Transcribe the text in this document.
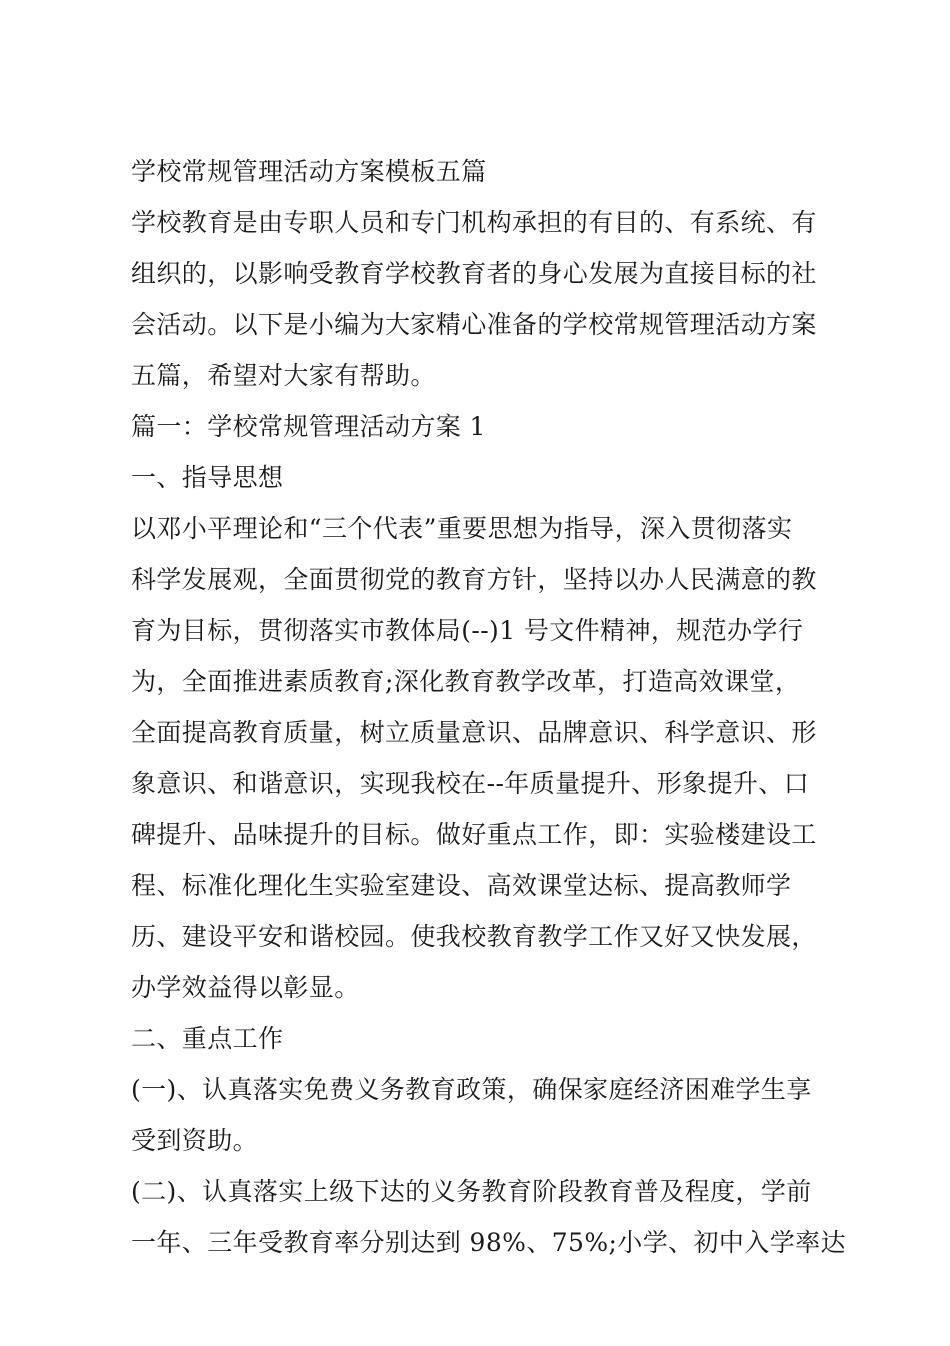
学校常规管理活动方案模板五篇
学校教育是由专职人员和专门机构承担的有目的、有系统、有
组织的，以影响受教育学校教育者的身心发展为直接目标的社
会活动。以下是小编为大家精心准备的学校常规管理活动方案
五篇，希望对大家有帮助。
篇一：学校常规管理活动方案 1
一、指导思想
以邓小平理论和“三个代表”重要思想为指导，深入贯彻落实
科学发展观，全面贯彻党的教育方针，坚持以办人民满意的教
育为目标，贯彻落实市教体局(--)1 号文件精神，规范办学行
为，全面推进素质教育;深化教育教学改革，打造高效课堂，
全面提高教育质量，树立质量意识、品牌意识、科学意识、形
象意识、和谐意识，实现我校在--年质量提升、形象提升、口
碑提升、品味提升的目标。做好重点工作，即：实验楼建设工
程、标准化理化生实验室建设、高效课堂达标、提高教师学
历、建设平安和谐校园。使我校教育教学工作又好又快发展，
办学效益得以彰显。
二、重点工作
(一)、认真落实免费义务教育政策，确保家庭经济困难学生享
受到资助。
(二)、认真落实上级下达的义务教育阶段教育普及程度，学前
一年、三年受教育率分别达到 98%、75%;小学、初中入学率达
